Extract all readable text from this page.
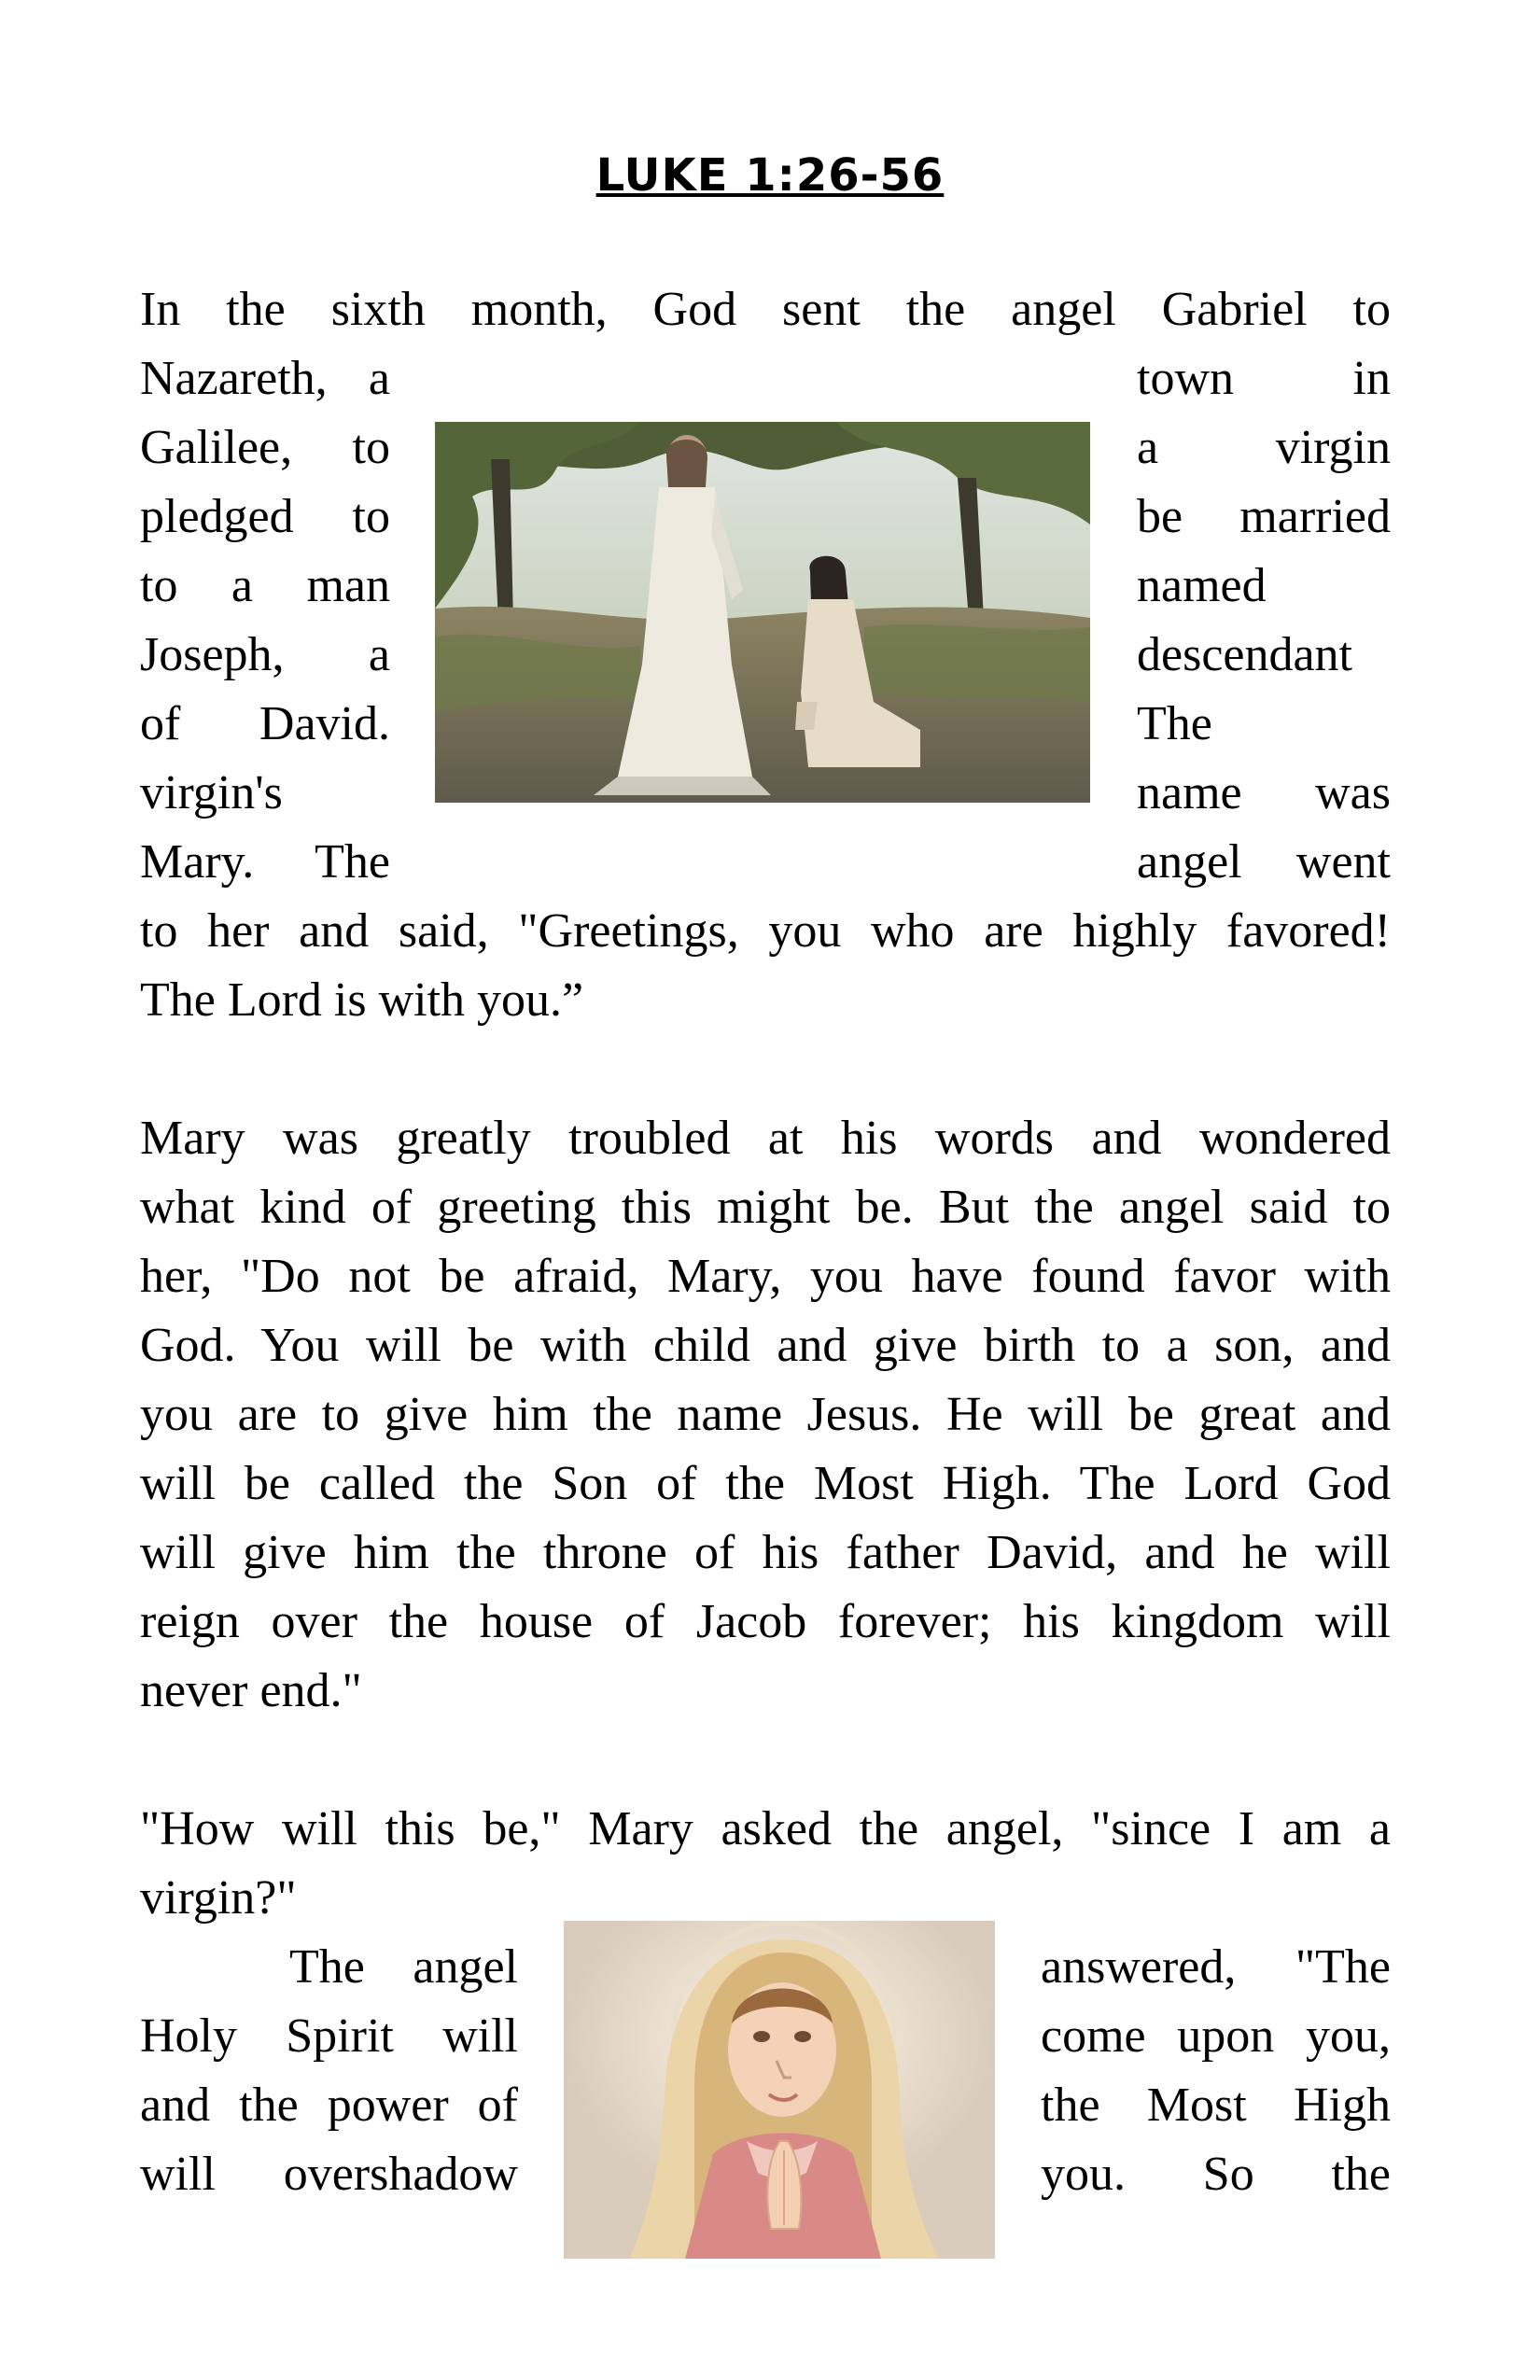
LUKE 1:26-56
In the sixth month, God sent the angel Gabriel to
Nazareth, a
Galilee, to
pledged to
to a man
Joseph, a
of David.
virgin's
Mary. The
town in
a virgin
be married
named
descendant
The
name was
angel went
to her and said, "Greetings, you who are highly favored!
The Lord is with you.”
Mary was greatly troubled at his words and wondered
what kind of greeting this might be. But the angel said to
her, "Do not be afraid, Mary, you have found favor with
God. You will be with child and give birth to a son, and
you are to give him the name Jesus. He will be great and
will be called the Son of the Most High. The Lord God
will give him the throne of his father David, and he will
reign over the house of Jacob forever; his kingdom will
never end."
"How will this be," Mary asked the angel, "since I am a
virgin?"
The angel
Holy Spirit will
and the power of
will overshadow
answered, "The
come upon you,
the Most High
you. So the
